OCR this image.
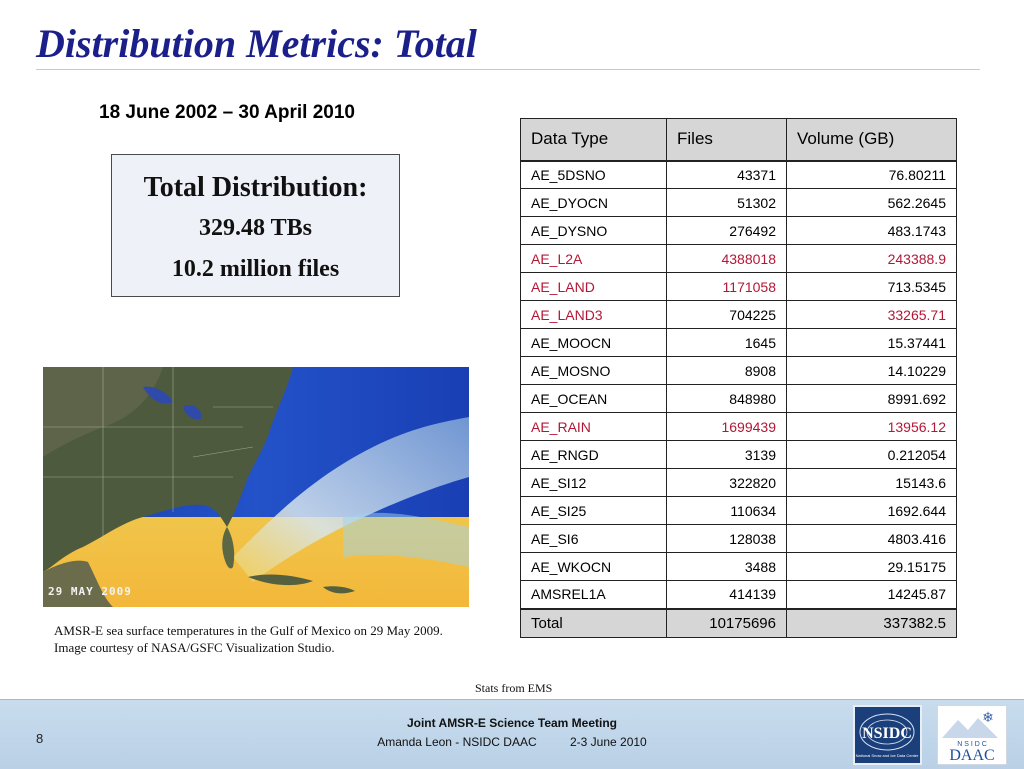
Distribution Metrics: Total
18 June 2002 – 30 April 2010
Total Distribution:
329.48 TBs
10.2 million files
29 MAY 2009
AMSR-E sea surface temperatures in the Gulf of Mexico on 29 May 2009. Image courtesy of NASA/GSFC Visualization Studio.
Data Type	Files	Volume (GB)
AE_5DSNO	43371	76.80211
AE_DYOCN	51302	562.2645
AE_DYSNO	276492	483.1743
AE_L2A	4388018	243388.9
AE_LAND	1171058	713.5345
AE_LAND3	704225	33265.71
AE_MOOCN	1645	15.37441
AE_MOSNO	8908	14.10229
AE_OCEAN	848980	8991.692
AE_RAIN	1699439	13956.12
AE_RNGD	3139	0.212054
AE_SI12	322820	15143.6
AE_SI25	110634	1692.644
AE_SI6	128038	4803.416
AE_WKOCN	3488	29.15175
AMSREL1A	414139	14245.87
Total	10175696	337382.5
Stats from EMS
8
Joint AMSR-E Science Team Meeting
Amanda Leon - NSIDC DAAC	2-3 June 2010	NSIDC
National Snow and Ice Data Center
❄
N S I D C
DAAC
